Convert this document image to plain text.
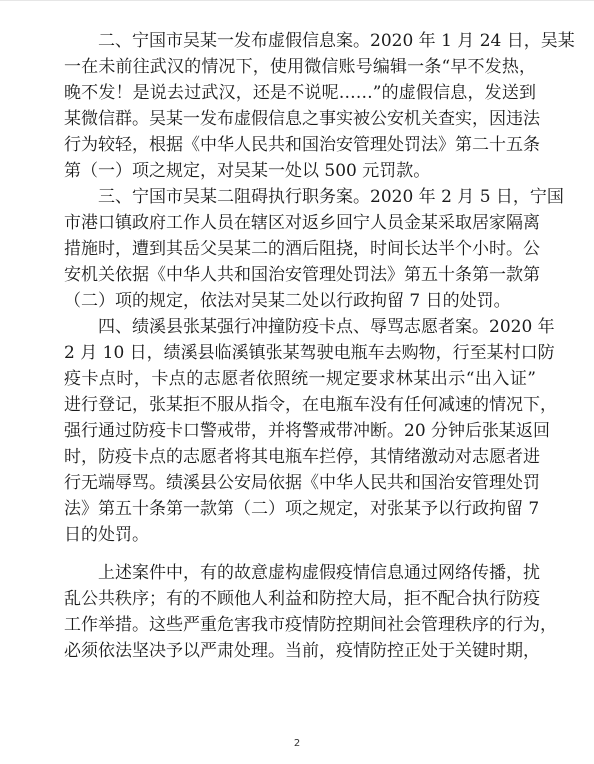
二、宁国市吴某一发布虚假信息案。2020 年 1 月 24 日，吴某
一在未前往武汉的情况下，使用微信账号编辑一条“早不发热，
晚不发！是说去过武汉，还是不说呢……”的虚假信息，发送到
某微信群。吴某一发布虚假信息之事实被公安机关查实，因违法
行为较轻，根据《中华人民共和国治安管理处罚法》第二十五条
第（一）项之规定，对吴某一处以 500 元罚款。
三、宁国市吴某二阻碍执行职务案。2020 年 2 月 5 日，宁国
市港口镇政府工作人员在辖区对返乡回宁人员金某采取居家隔离
措施时，遭到其岳父吴某二的酒后阻挠，时间长达半个小时。公
安机关依据《中华人共和国治安管理处罚法》第五十条第一款第
（二）项的规定，依法对吴某二处以行政拘留 7 日的处罚。
四、绩溪县张某强行冲撞防疫卡点、辱骂志愿者案。2020 年
2 月 10 日，绩溪县临溪镇张某驾驶电瓶车去购物，行至某村口防
疫卡点时，卡点的志愿者依照统一规定要求林某出示“出入证”
进行登记，张某拒不服从指令，在电瓶车没有任何减速的情况下，
强行通过防疫卡口警戒带，并将警戒带冲断。20 分钟后张某返回
时，防疫卡点的志愿者将其电瓶车拦停，其情绪激动对志愿者进
行无端辱骂。绩溪县公安局依据《中华人民共和国治安管理处罚
法》第五十条第一款第（二）项之规定，对张某予以行政拘留 7
日的处罚。
上述案件中，有的故意虚构虚假疫情信息通过网络传播，扰
乱公共秩序；有的不顾他人利益和防控大局，拒不配合执行防疫
工作举措。这些严重危害我市疫情防控期间社会管理秩序的行为，
必须依法坚决予以严肃处理。当前，疫情防控正处于关键时期，
2
